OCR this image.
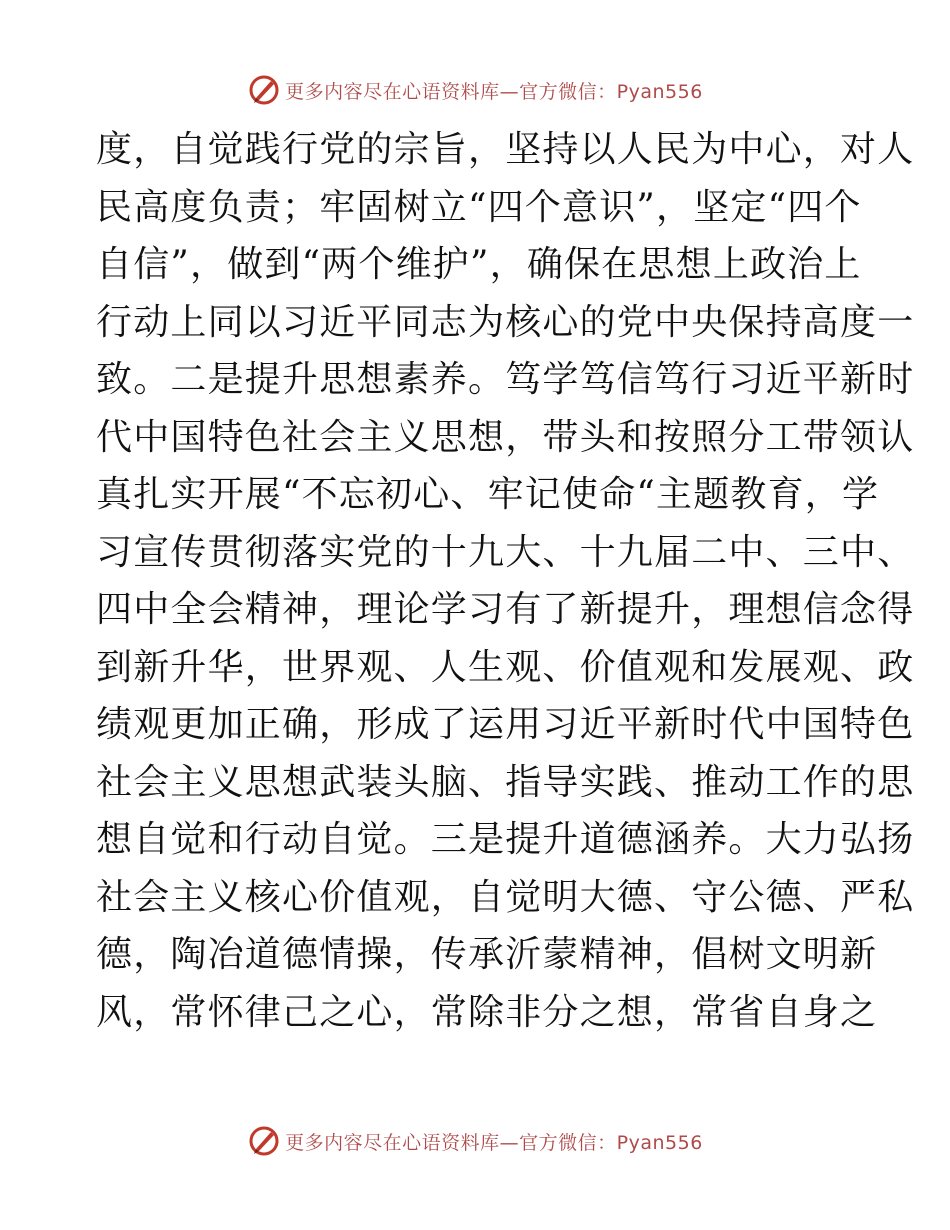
更多内容尽在心语资料库—官方微信：Pyan556
度，自觉践行党的宗旨，坚持以人民为中心，对人
民高度负责；牢固树立“四个意识”，坚定“四个
自信”，做到“两个维护”，确保在思想上政治上
行动上同以习近平同志为核心的党中央保持高度一
致。二是提升思想素养。笃学笃信笃行习近平新时
代中国特色社会主义思想，带头和按照分工带领认
真扎实开展“不忘初心、牢记使命“主题教育，学
习宣传贯彻落实党的十九大、十九届二中、三中、
四中全会精神，理论学习有了新提升，理想信念得
到新升华，世界观、人生观、价值观和发展观、政
绩观更加正确，形成了运用习近平新时代中国特色
社会主义思想武装头脑、指导实践、推动工作的思
想自觉和行动自觉。三是提升道德涵养。大力弘扬
社会主义核心价值观，自觉明大德、守公德、严私
德，陶冶道德情操，传承沂蒙精神，倡树文明新
风，常怀律己之心，常除非分之想，常省自身之
更多内容尽在心语资料库—官方微信：Pyan556
